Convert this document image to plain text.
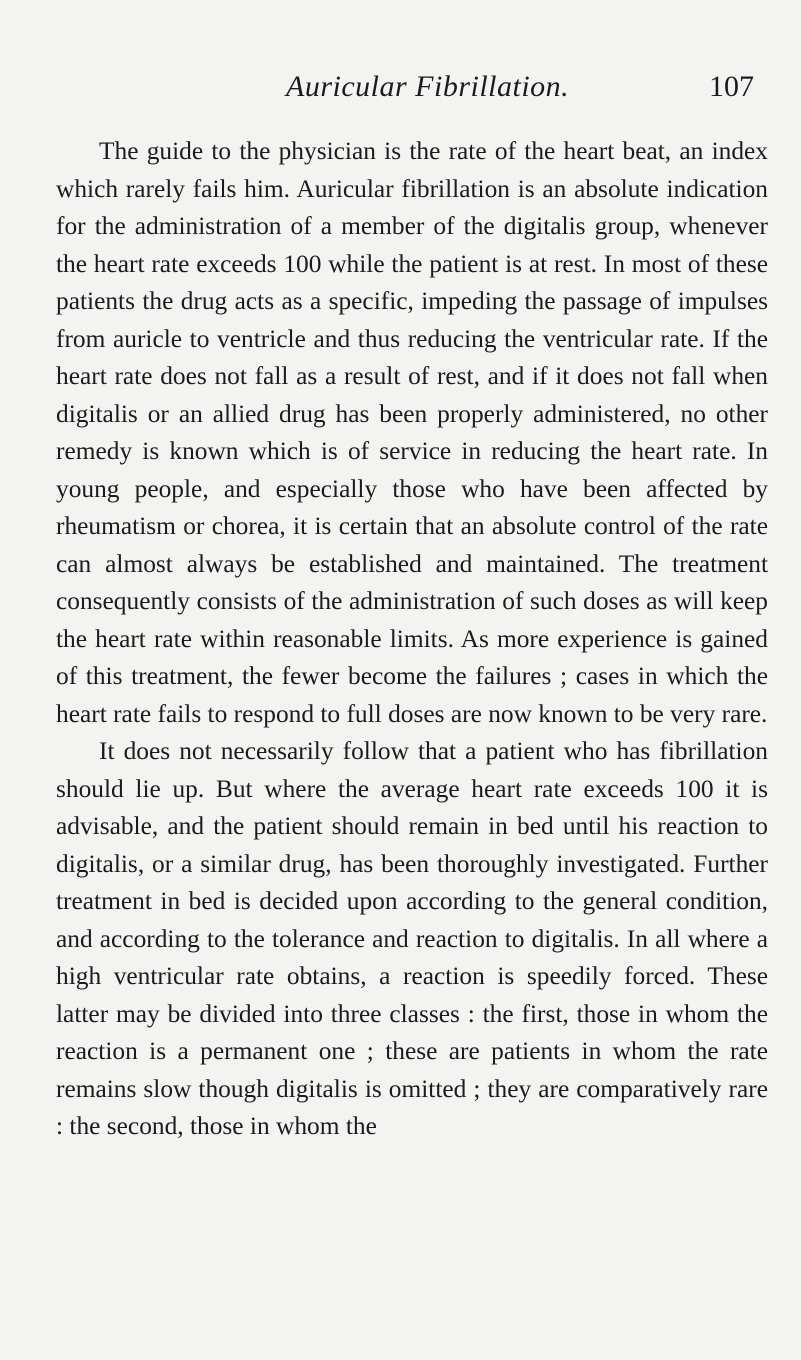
Auricular Fibrillation.	107

The guide to the physician is the rate of the heart beat, an index which rarely fails him. Auricular fibrillation is an absolute indication for the administration of a member of the digitalis group, whenever the heart rate exceeds 100 while the patient is at rest. In most of these patients the drug acts as a specific, impeding the passage of impulses from auricle to ventricle and thus reducing the ventricular rate. If the heart rate does not fall as a result of rest, and if it does not fall when digitalis or an allied drug has been properly administered, no other remedy is known which is of service in reducing the heart rate. In young people, and especially those who have been affected by rheumatism or chorea, it is certain that an absolute control of the rate can almost always be established and maintained. The treatment consequently consists of the administration of such doses as will keep the heart rate within reasonable limits. As more experience is gained of this treatment, the fewer become the failures ; cases in which the heart rate fails to respond to full doses are now known to be very rare.

It does not necessarily follow that a patient who has fibrillation should lie up. But where the average heart rate exceeds 100 it is advisable, and the patient should remain in bed until his reaction to digitalis, or a similar drug, has been thoroughly investigated. Further treatment in bed is decided upon according to the general condition, and according to the tolerance and reaction to digitalis. In all where a high ventricular rate obtains, a reaction is speedily forced. These latter may be divided into three classes : the first, those in whom the reaction is a permanent one ; these are patients in whom the rate remains slow though digitalis is omitted ; they are comparatively rare : the second, those in whom the
